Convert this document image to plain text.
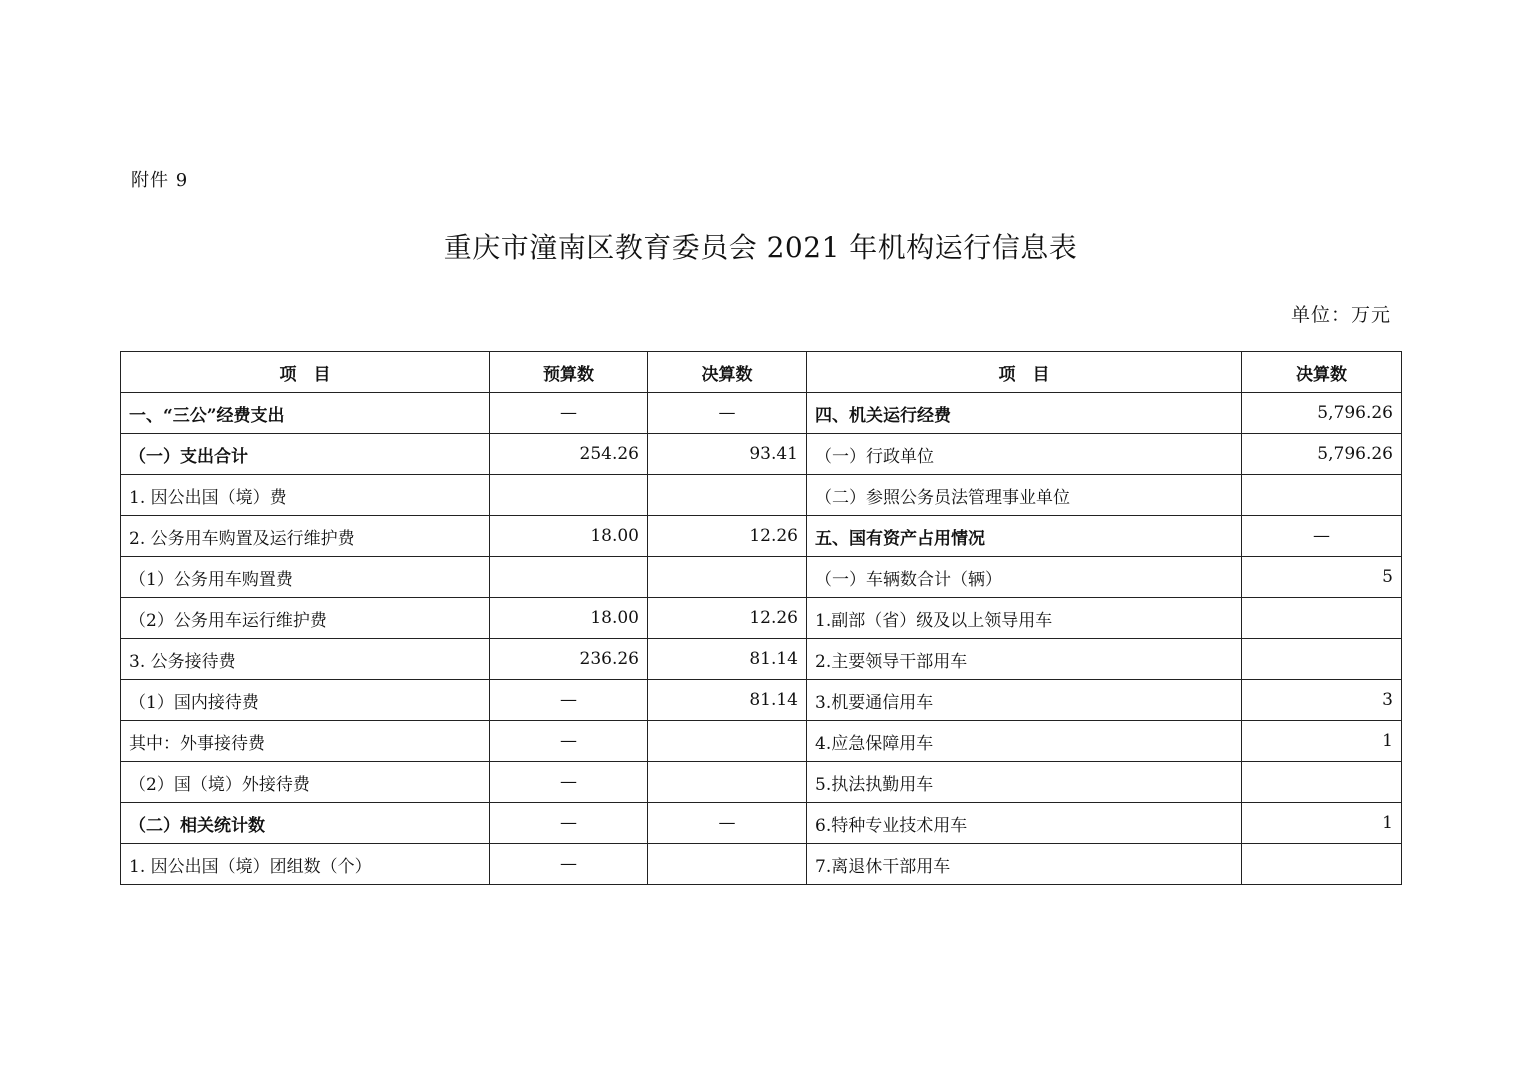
附件 9
重庆市潼南区教育委员会 2021 年机构运行信息表
单位：万元
项　目	预算数	决算数	项　目	决算数
一、“三公”经费支出	—	—	四、机关运行经费	5,796.26
（一）支出合计	254.26	93.41	（一）行政单位	5,796.26
1. 因公出国（境）费			（二）参照公务员法管理事业单位	
2. 公务用车购置及运行维护费	18.00	12.26	五、国有资产占用情况	—
（1）公务用车购置费			（一）车辆数合计（辆）	5
（2）公务用车运行维护费	18.00	12.26	1.副部（省）级及以上领导用车	
3. 公务接待费	236.26	81.14	2.主要领导干部用车	
（1）国内接待费	—	81.14	3.机要通信用车	3
其中：外事接待费	—		4.应急保障用车	1
（2）国（境）外接待费	—		5.执法执勤用车	
（二）相关统计数	—	—	6.特种专业技术用车	1
1. 因公出国（境）团组数（个）	—		7.离退休干部用车	
